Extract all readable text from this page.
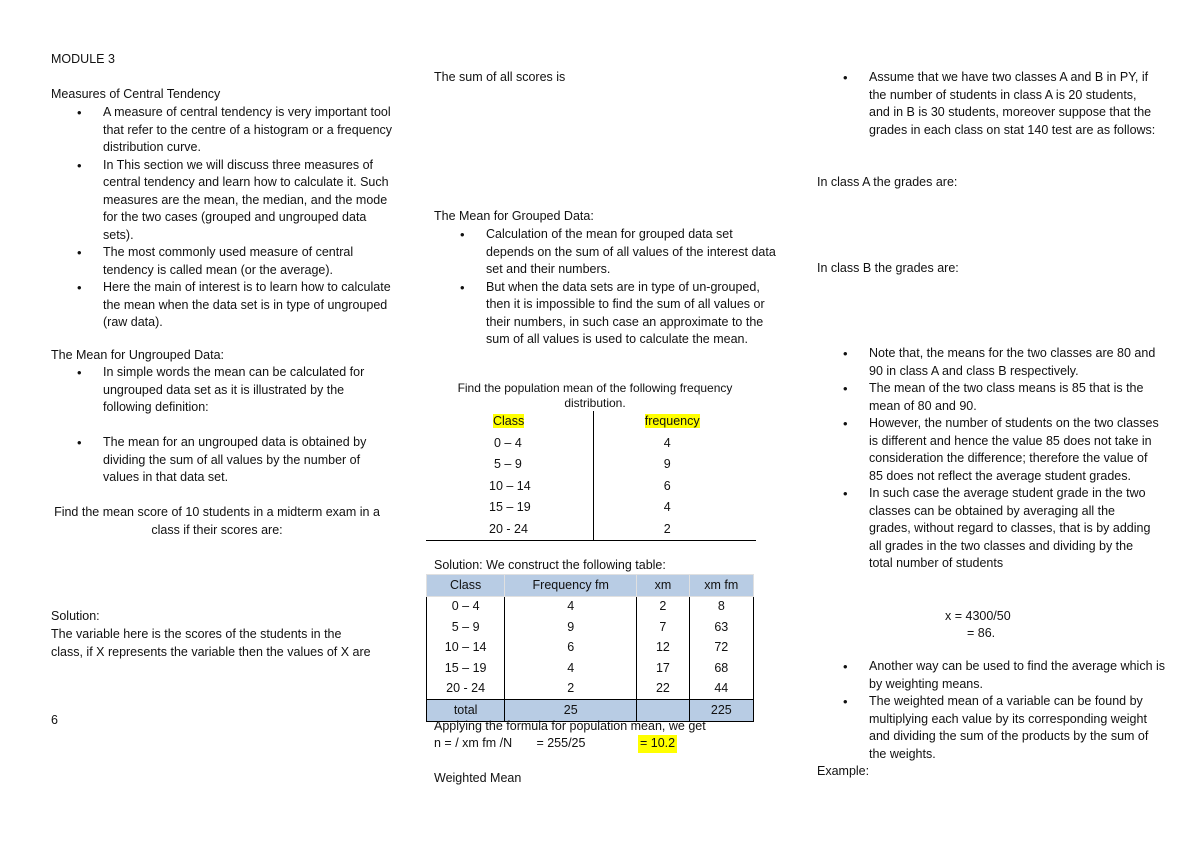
MODULE 3

Measures of Central Tendency

• A measure of central tendency is very important tool that refer to the centre of a histogram or a frequency distribution curve.
• In This section we will discuss three measures of central tendency and learn how to calculate it. Such measures are the mean, the median, and the mode for the two cases (grouped and ungrouped data sets).
• The most commonly used measure of central tendency is called mean (or the average).
• Here the main of interest is to learn how to calculate the mean when the data set is in type of ungrouped (raw data).

The Mean for Ungrouped Data:

• In simple words the mean can be calculated for ungrouped data set as it is illustrated by the following definition:
• The mean for an ungrouped data is obtained by dividing the sum of all values by the number of values in that data set.

Find the mean score of 10 students in a midterm exam in a class if their scores are:

Solution:

The variable here is the scores of the students in the class, if X represents the variable then the values of X are

6

The sum of all scores is

The Mean for Grouped Data:

• Calculation of the mean for grouped data set depends on the sum of all values of the interest data set and their numbers.
• But when the data sets are in type of un-grouped, then it is impossible to find the sum of all values or their numbers, in such case an approximate to the sum of all values is used to calculate the mean.

Find the population mean of the following frequency distribution.

Class	frequency
0 – 4	4
5 – 9	9
10 – 14	6
15 – 19	4
20 - 24	2

Solution: We construct the following table:

Class	Frequency fm	xm	xm fm
0 – 4	4	2	8
5 – 9	9	7	63
10 – 14	6	12	72
15 – 19	4	17	68
20 - 24	2	22	44
total	25		225

Applying the formula for population mean, we get

n = / xm fm /N       = 255/25	= 10.2

Weighted Mean

• Assume that we have two classes A and B in PY, if the number of students in class A is 20 students, and in B is 30 students, moreover suppose that the grades in each class on stat 140 test are as follows:

In class A the grades are:

In class B the grades are:

• Note that, the means for the two classes are 80 and 90 in class A and class B respectively.
• The mean of the two class means is 85 that is the mean of 80 and 90.
• However, the number of students on the two classes is different and hence the value 85 does not take in consideration the difference; therefore the value of 85 does not reflect the average student grades.
• In such case the average student grade in the two classes can be obtained by averaging all the grades, without regard to classes, that is by adding all grades in the two classes and dividing by the total number of students

x = 4300/50

= 86.

• Another way can be used to find the average which is by weighting means.
• The weighted mean of a variable can be found by multiplying each value by its corresponding weight and dividing the sum of the products by the sum of the weights.

Example:
